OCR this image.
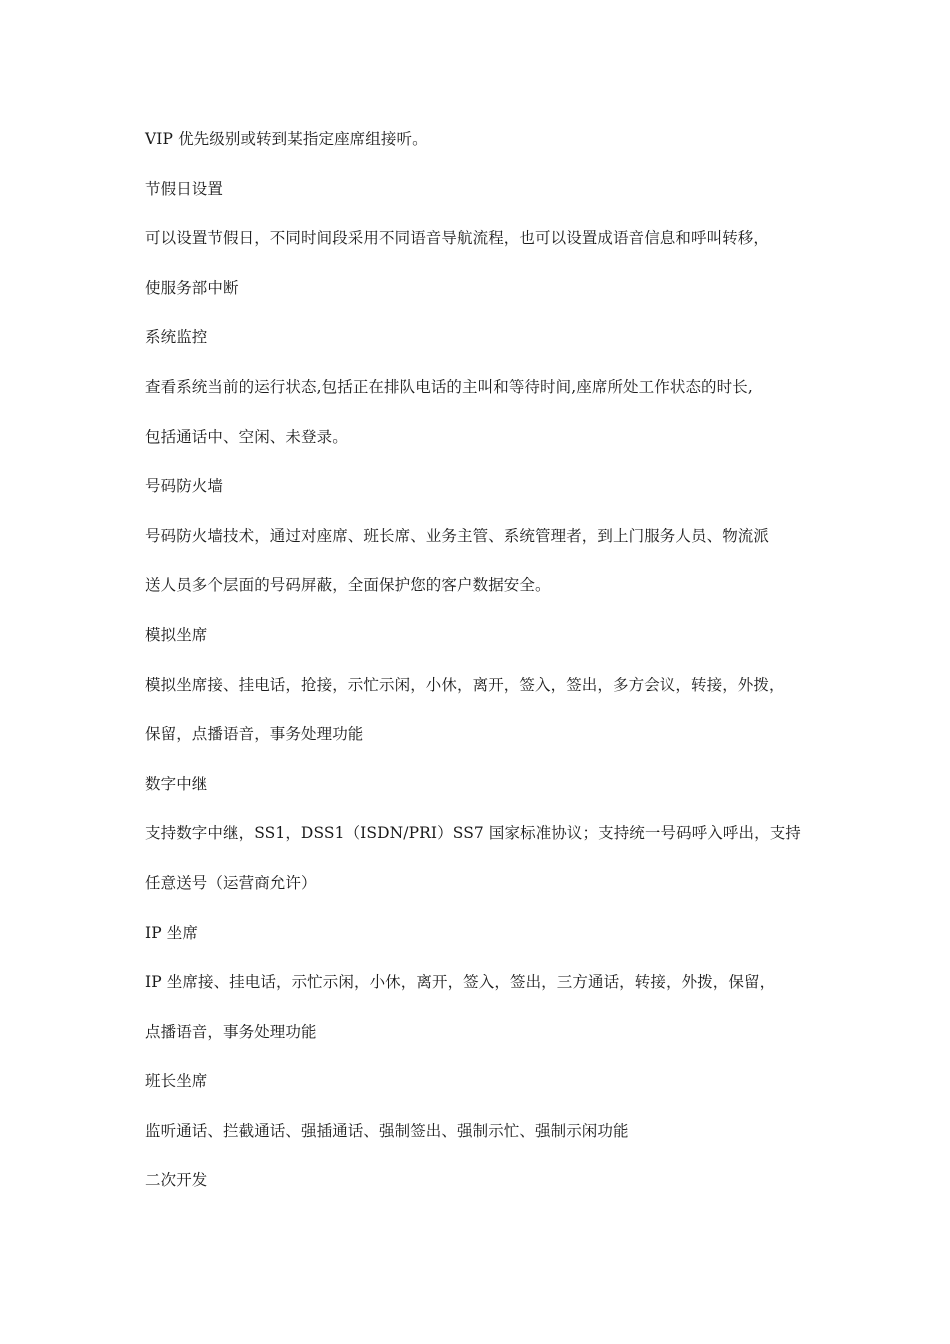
VIP 优先级别或转到某指定座席组接听。
节假日设置
可以设置节假日，不同时间段采用不同语音导航流程，也可以设置成语音信息和呼叫转移，
使服务部中断
系统监控
查看系统当前的运行状态,包括正在排队电话的主叫和等待时间,座席所处工作状态的时长,
包括通话中、空闲、未登录。
号码防火墙
号码防火墙技术，通过对座席、班长席、业务主管、系统管理者，到上门服务人员、物流派
送人员多个层面的号码屏蔽，全面保护您的客户数据安全。
模拟坐席
模拟坐席接、挂电话，抢接，示忙示闲，小休，离开，签入，签出，多方会议，转接，外拨，
保留，点播语音，事务处理功能
数字中继
支持数字中继，SS1，DSS1（ISDN/PRI）SS7 国家标准协议；支持统一号码呼入呼出，支持
任意送号（运营商允许）
IP 坐席
IP 坐席接、挂电话，示忙示闲，小休，离开，签入，签出，三方通话，转接，外拨，保留，
点播语音，事务处理功能
班长坐席
监听通话、拦截通话、强插通话、强制签出、强制示忙、强制示闲功能
二次开发
